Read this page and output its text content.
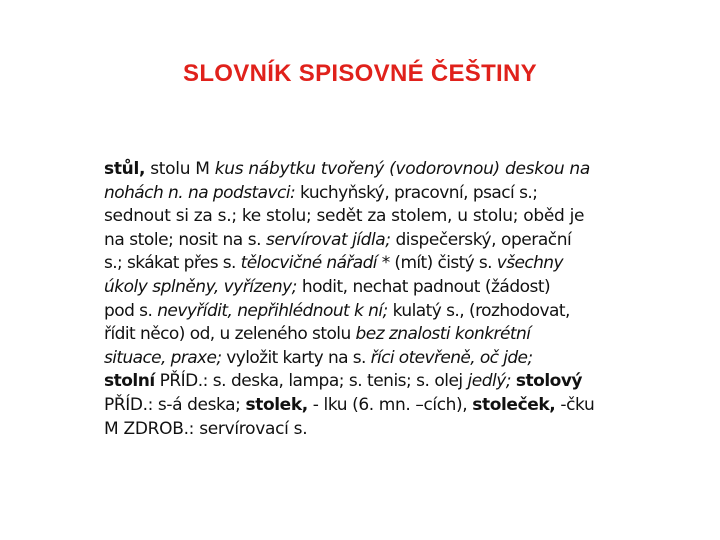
SLOVNÍK SPISOVNÉ ČEŠTINY
stůl, stolu M kus nábytku tvořený (vodorovnou) deskou na
nohách n. na podstavci: kuchyňský, pracovní, psací s.;
sednout si za s.; ke stolu; sedět za stolem, u stolu; oběd je
na stole; nosit na s. servírovat jídla; dispečerský, operační
s.; skákat přes s. tělocvičné nářadí * (mít) čistý s. všechny
úkoly splněny, vyřízeny; hodit, nechat padnout (žádost)
pod s. nevyřídit, nepřihlédnout k ní; kulatý s., (rozhodovat,
řídit něco) od, u zeleného stolu bez znalosti konkrétní
situace, praxe; vyložit karty na s. říci otevřeně, oč jde;
stolní PŘÍD.: s. deska, lampa; s. tenis; s. olej jedlý; stolový
PŘÍD.: s-á deska; stolek, - lku (6. mn. –cích), stoleček, -čku
M ZDROB.: servírovací s.
